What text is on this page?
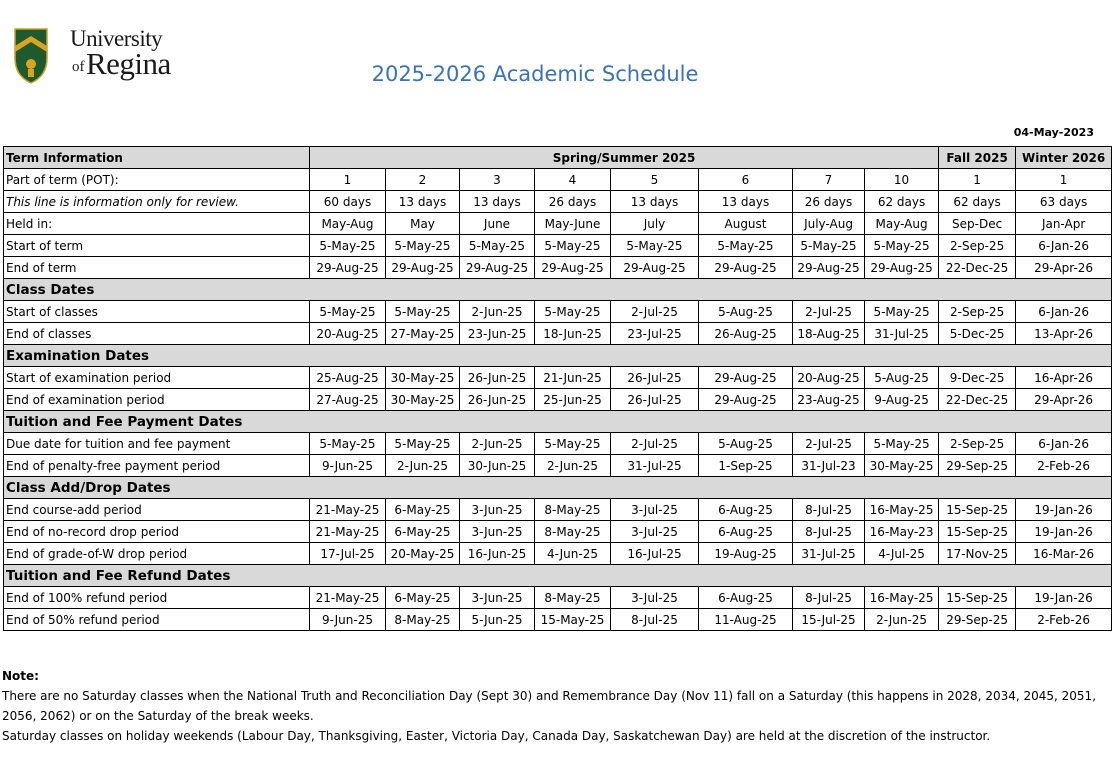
University
of Regina	2025-2026 Academic Schedule
04-May-2023
Term Information	Spring/Summer 2025								Fall 2025	Winter 2026
Part of term (POT):	1	2	3	4	5	6	7	10	1	1
This line is information only for review.	60 days	13 days	13 days	26 days	13 days	13 days	26 days	62 days	62 days	63 days
Held in:	May-Aug	May	June	May-June	July	August	July-Aug	May-Aug	Sep-Dec	Jan-Apr
Start of term	5-May-25	5-May-25	5-May-25	5-May-25	5-May-25	5-May-25	5-May-25	5-May-25	2-Sep-25	6-Jan-26
End of term	29-Aug-25	29-Aug-25	29-Aug-25	29-Aug-25	29-Aug-25	29-Aug-25	29-Aug-25	29-Aug-25	22-Dec-25	29-Apr-26
Class Dates										
Start of classes	5-May-25	5-May-25	2-Jun-25	5-May-25	2-Jul-25	5-Aug-25	2-Jul-25	5-May-25	2-Sep-25	6-Jan-26
End of classes	20-Aug-25	27-May-25	23-Jun-25	18-Jun-25	23-Jul-25	26-Aug-25	18-Aug-25	31-Jul-25	5-Dec-25	13-Apr-26
Examination Dates										
Start of examination period	25-Aug-25	30-May-25	26-Jun-25	21-Jun-25	26-Jul-25	29-Aug-25	20-Aug-25	5-Aug-25	9-Dec-25	16-Apr-26
End of examination period	27-Aug-25	30-May-25	26-Jun-25	25-Jun-25	26-Jul-25	29-Aug-25	23-Aug-25	9-Aug-25	22-Dec-25	29-Apr-26
Tuition and Fee Payment Dates										
Due date for tuition and fee payment	5-May-25	5-May-25	2-Jun-25	5-May-25	2-Jul-25	5-Aug-25	2-Jul-25	5-May-25	2-Sep-25	6-Jan-26
End of penalty-free payment period	9-Jun-25	2-Jun-25	30-Jun-25	2-Jun-25	31-Jul-25	1-Sep-25	31-Jul-23	30-May-25	29-Sep-25	2-Feb-26
Class Add/Drop Dates										
End course-add period	21-May-25	6-May-25	3-Jun-25	8-May-25	3-Jul-25	6-Aug-25	8-Jul-25	16-May-25	15-Sep-25	19-Jan-26
End of no-record drop period	21-May-25	6-May-25	3-Jun-25	8-May-25	3-Jul-25	6-Aug-25	8-Jul-25	16-May-23	15-Sep-25	19-Jan-26
End of grade-of-W drop period	17-Jul-25	20-May-25	16-Jun-25	4-Jun-25	16-Jul-25	19-Aug-25	31-Jul-25	4-Jul-25	17-Nov-25	16-Mar-26
Tuition and Fee Refund Dates										
End of 100% refund period	21-May-25	6-May-25	3-Jun-25	8-May-25	3-Jul-25	6-Aug-25	8-Jul-25	16-May-25	15-Sep-25	19-Jan-26
End of 50% refund period	9-Jun-25	8-May-25	5-Jun-25	15-May-25	8-Jul-25	11-Aug-25	15-Jul-25	2-Jun-25	29-Sep-25	2-Feb-26
Note:
There are no Saturday classes when the National Truth and Reconciliation Day (Sept 30) and Remembrance Day (Nov 11) fall on a Saturday (this happens in 2028, 2034, 2045, 2051, 2056, 2062) or on the Saturday of the break weeks.
Saturday classes on holiday weekends (Labour Day, Thanksgiving, Easter, Victoria Day, Canada Day, Saskatchewan Day) are held at the discretion of the instructor.
